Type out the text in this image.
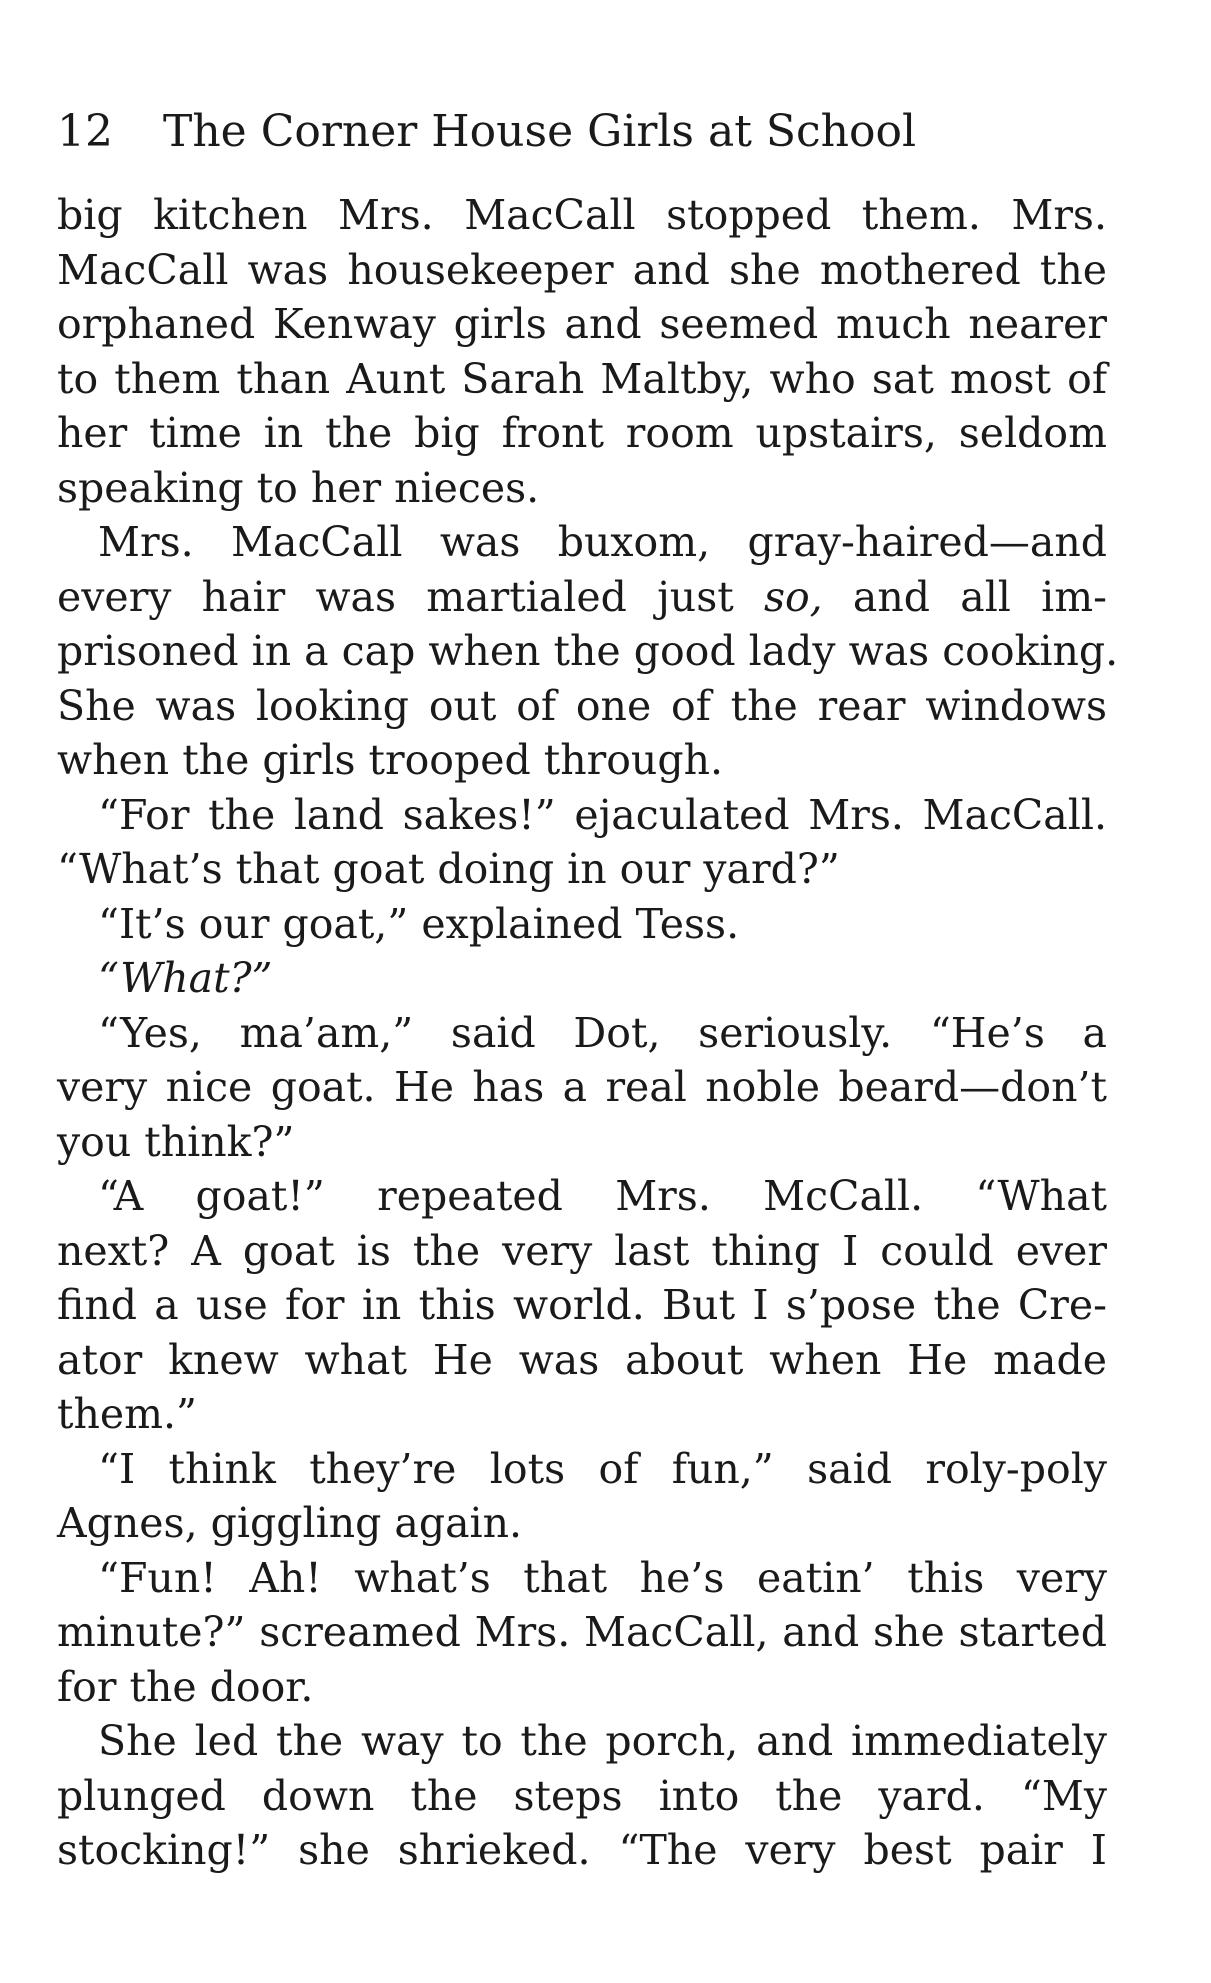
12 The Corner House Girls at School
big kitchen Mrs. MacCall stopped them. Mrs.
MacCall was housekeeper and she mothered the
orphaned Kenway girls and seemed much nearer
to them than Aunt Sarah Maltby, who sat most of
her time in the big front room upstairs, seldom
speaking to her nieces.
Mrs. MacCall was buxom, gray-haired—and
every hair was martialed just so, and all im-
prisoned in a cap when the good lady was cooking.
She was looking out of one of the rear windows
when the girls trooped through.
“For the land sakes!” ejaculated Mrs. MacCall.
“What’s that goat doing in our yard?”
“It’s our goat,” explained Tess.
“What?”
“Yes, ma’am,” said Dot, seriously. “He’s a
very nice goat. He has a real noble beard—don’t
you think?”
“A goat!” repeated Mrs. McCall. “What
next? A goat is the very last thing I could ever
find a use for in this world. But I s’pose the Cre-
ator knew what He was about when He made
them.”
“I think they’re lots of fun,” said roly-poly
Agnes, giggling again.
“Fun! Ah! what’s that he’s eatin’ this very
minute?” screamed Mrs. MacCall, and she started
for the door.
She led the way to the porch, and immediately
plunged down the steps into the yard. “My
stocking!” she shrieked. “The very best pair I
